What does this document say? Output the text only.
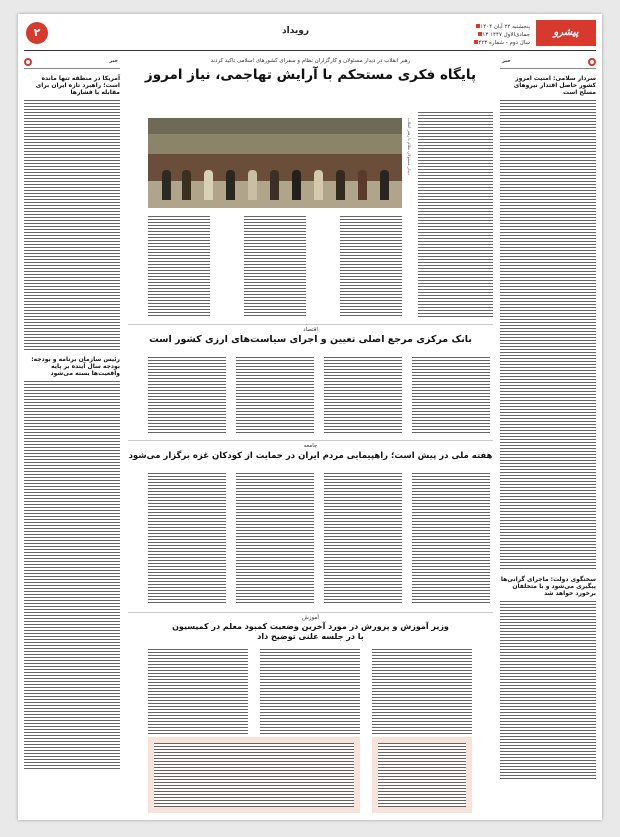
۲	رویداد	پنجشنبه ۲۲ آبان ۱۴۰۴
۱۳ جمادی‌الاول ۱۴۴۷
سال دوم - شماره ۴۲۳
پیشرو
خبر
آمریکا در منطقه تنها مانده است؛ راهبرد تازه ایران برای مقابله با فشارها
رئیس سازمان برنامه و بودجه: بودجه سال آینده بر پایه واقعیت‌ها بسته می‌شود
خبر
سردار سلامی: امنیت امروز کشور حاصل اقتدار نیروهای مسلح است
سخنگوی دولت: ماجرای گرانی‌ها پیگیری می‌شود و با متخلفان برخورد خواهد شد
رهبر انقلاب در دیدار مسئولان و کارگزاران نظام و سفرای کشورهای اسلامی تاکید کردند
پایگاه فکری مستحکم با آرایش تهاجمی، نیاز امروز
دیدار مسئولان نظام با رهبر انقلاب
اقتصاد
بانک مرکزی مرجع اصلی تعیین و اجرای سیاست‌های ارزی کشور است
جامعه
هفته ملی در پیش است؛ راهپیمایی مردم ایران در حمایت از کودکان غزه برگزار می‌شود
آموزش
وزیر آموزش و پرورش در مورد آخرین وضعیت کمبود معلم در کمیسیون با در جلسه علنی توضیح داد
